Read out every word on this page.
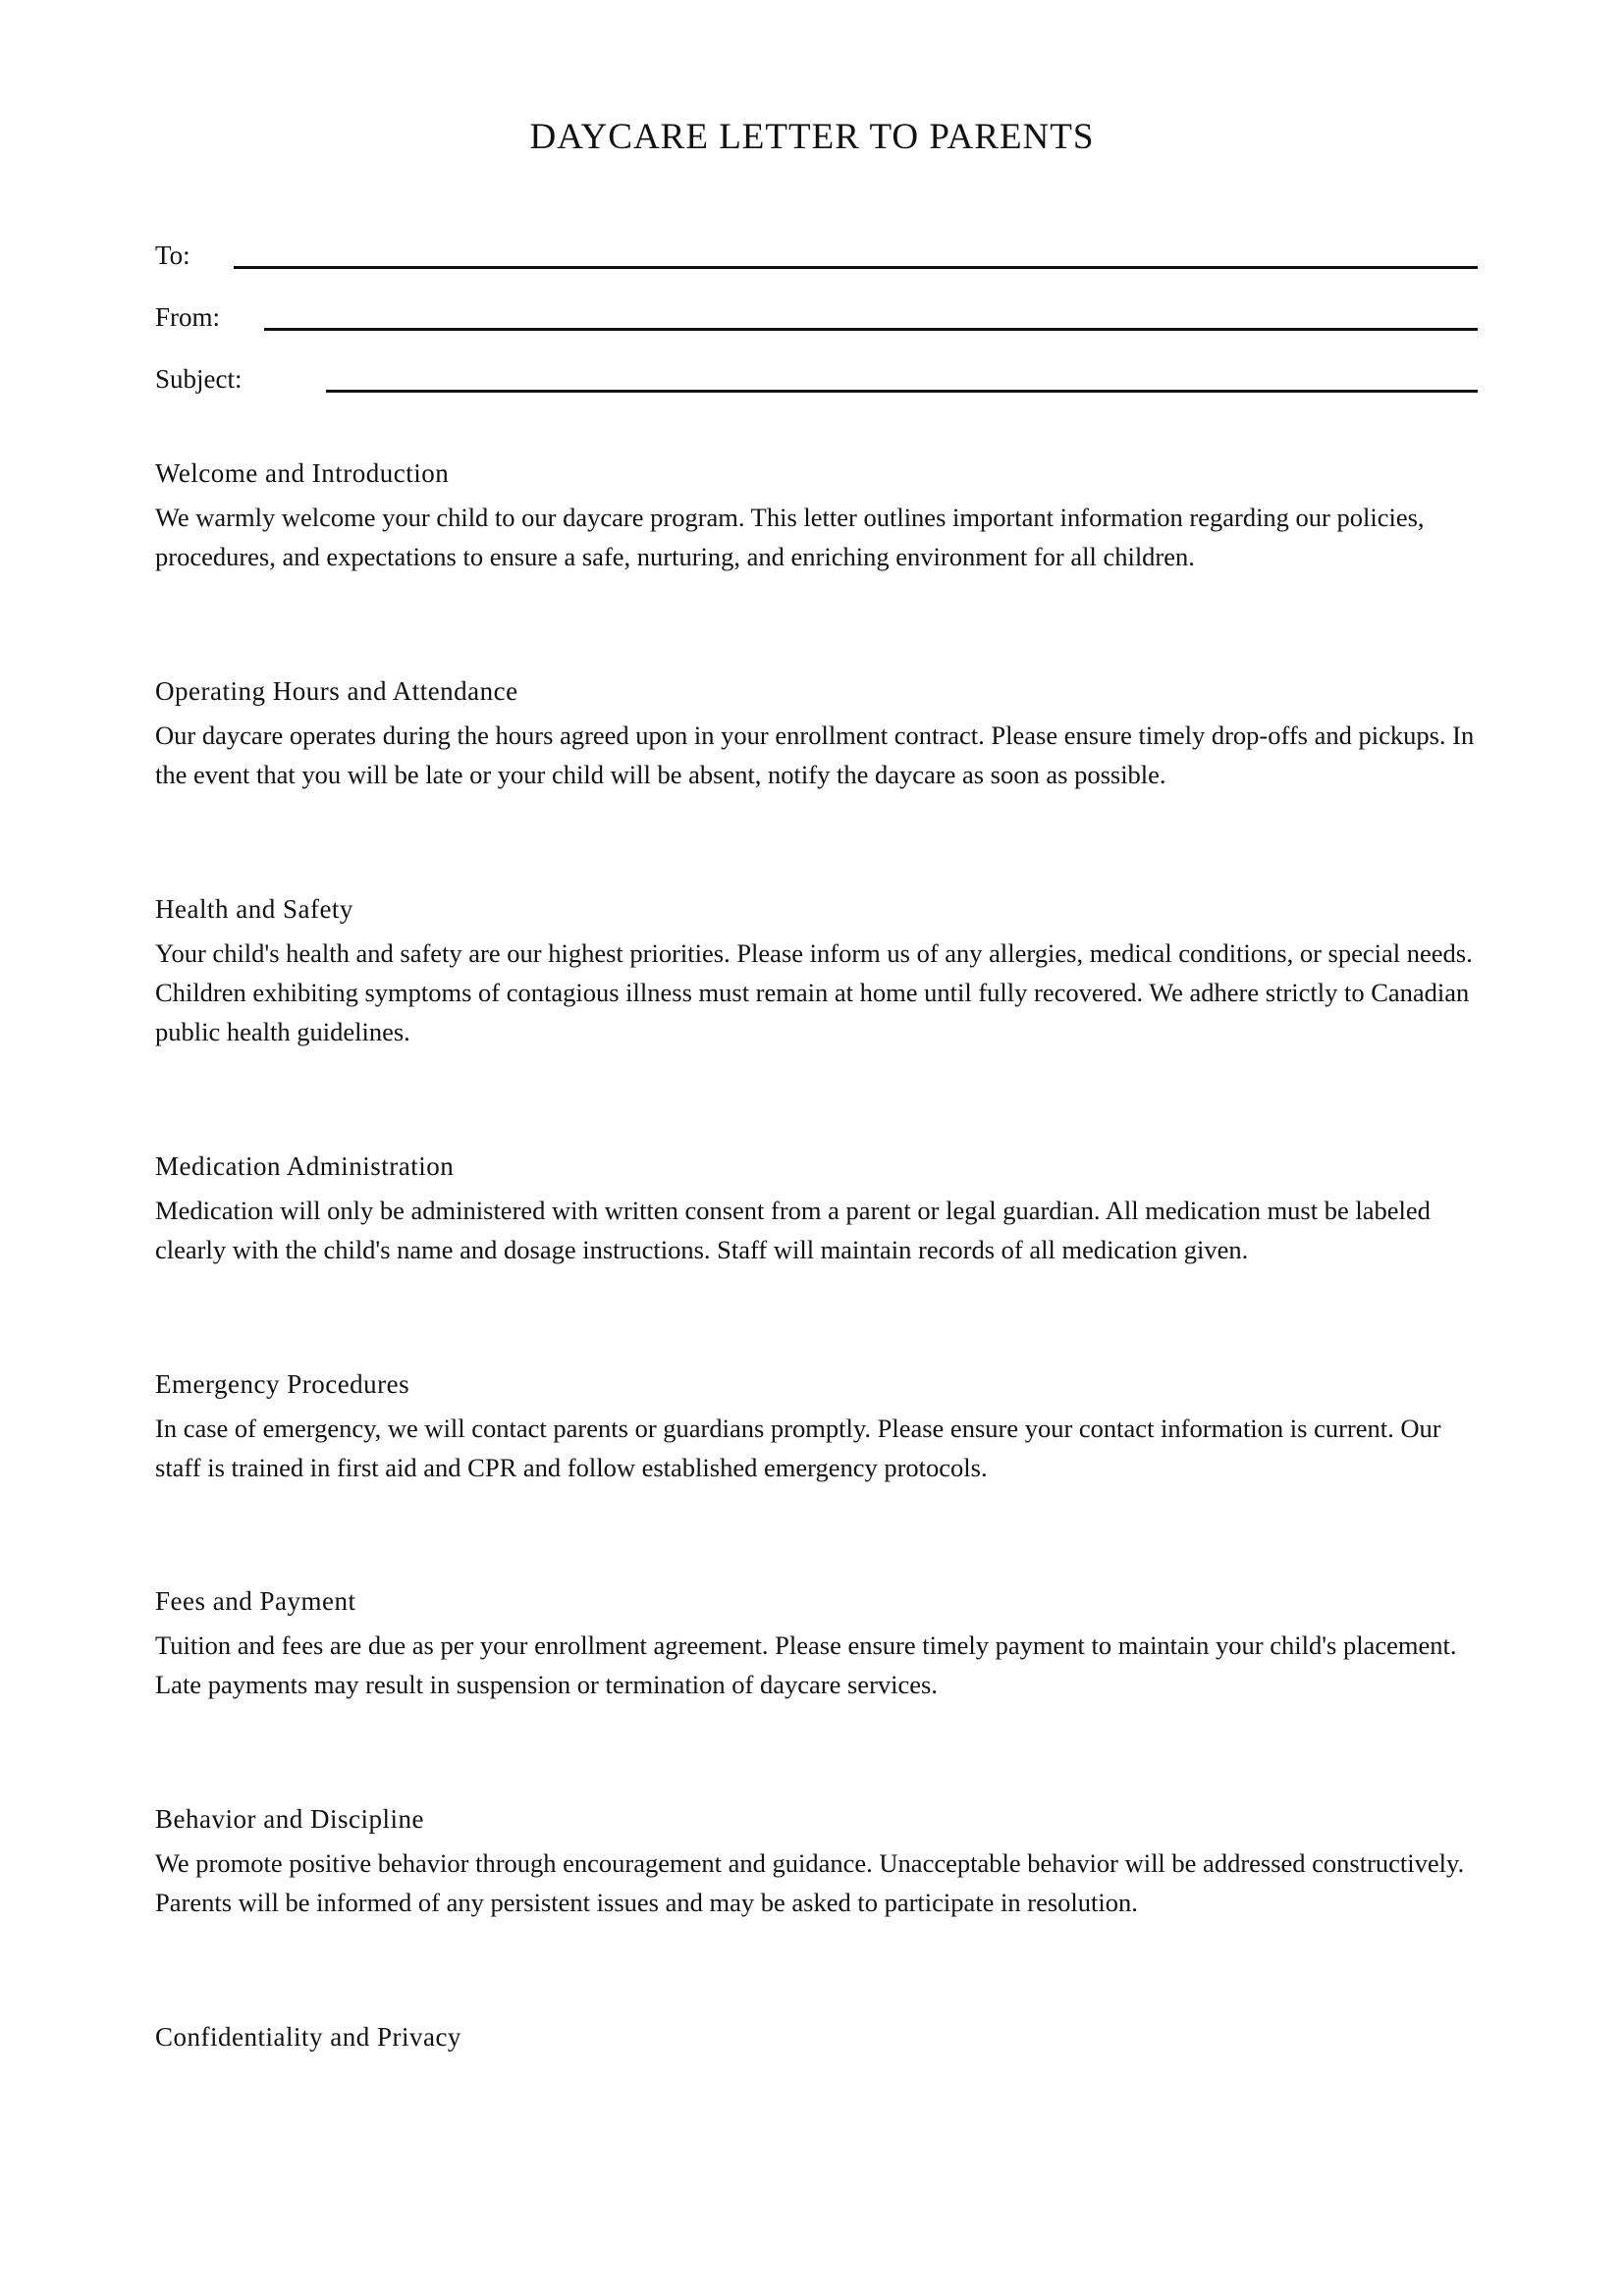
DAYCARE LETTER TO PARENTS
To:
From:
Subject:
Welcome and Introduction

We warmly welcome your child to our daycare program. This letter outlines important information regarding our policies, procedures, and expectations to ensure a safe, nurturing, and enriching environment for all children.

Operating Hours and Attendance

Our daycare operates during the hours agreed upon in your enrollment contract. Please ensure timely drop-offs and pickups. In the event that you will be late or your child will be absent, notify the daycare as soon as possible.

Health and Safety

Your child's health and safety are our highest priorities. Please inform us of any allergies, medical conditions, or special needs. Children exhibiting symptoms of contagious illness must remain at home until fully recovered. We adhere strictly to Canadian public health guidelines.

Medication Administration

Medication will only be administered with written consent from a parent or legal guardian. All medication must be labeled clearly with the child's name and dosage instructions. Staff will maintain records of all medication given.

Emergency Procedures

In case of emergency, we will contact parents or guardians promptly. Please ensure your contact information is current. Our staff is trained in first aid and CPR and follow established emergency protocols.

Fees and Payment

Tuition and fees are due as per your enrollment agreement. Please ensure timely payment to maintain your child's placement. Late payments may result in suspension or termination of daycare services.

Behavior and Discipline

We promote positive behavior through encouragement and guidance. Unacceptable behavior will be addressed constructively. Parents will be informed of any persistent issues and may be asked to participate in resolution.

Confidentiality and Privacy
